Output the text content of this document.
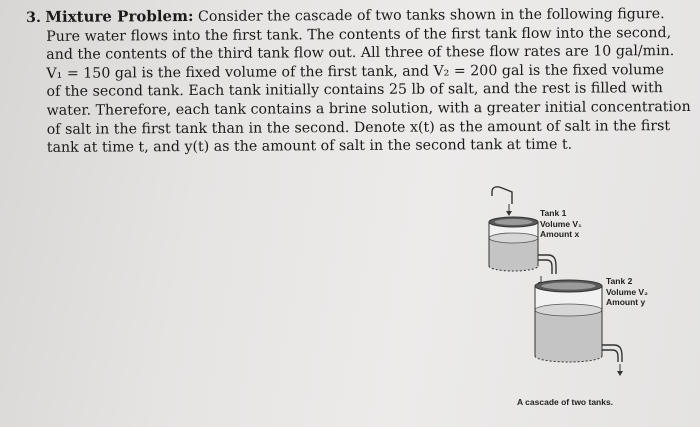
3. Mixture Problem: Consider the cascade of two tanks shown in the following figure.
Pure water flows into the first tank. The contents of the first tank flow into the second,
and the contents of the third tank flow out. All three of these flow rates are 10 gal/min.
V₁ = 150 gal is the fixed volume of the first tank, and V₂ = 200 gal is the fixed volume
of the second tank. Each tank initially contains 25 lb of salt, and the rest is filled with
water. Therefore, each tank contains a brine solution, with a greater initial concentration
of salt in the first tank than in the second. Denote x(t) as the amount of salt in the first
tank at time t, and y(t) as the amount of salt in the second tank at time t.
Tank 1
Volume V₁
Amount x
Tank 2
Volume V₂
Amount y
A cascade of two tanks.
